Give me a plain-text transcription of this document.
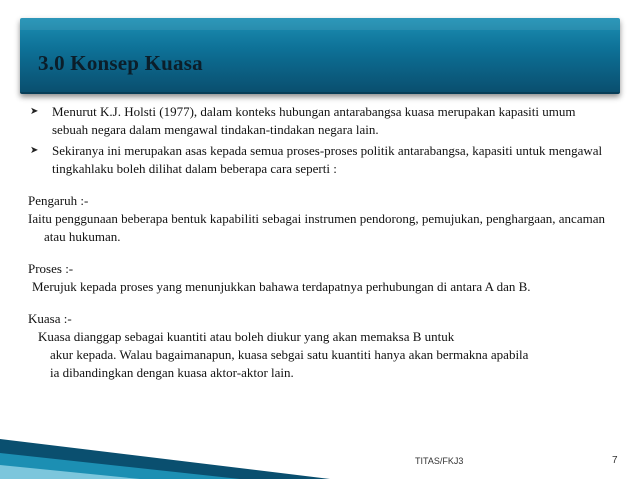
3.0 Konsep Kuasa
➤ Menurut K.J. Holsti (1977), dalam konteks hubungan antarabangsa kuasa merupakan kapasiti umum sebuah negara dalam mengawal tindakan-tindakan negara lain.
➤ Sekiranya ini merupakan asas kepada semua proses-proses politik antarabangsa, kapasiti untuk mengawal tingkahlaku boleh dilihat dalam beberapa cara seperti :
Pengaruh :-
Iaitu penggunaan beberapa bentuk kapabiliti sebagai instrumen pendorong, pemujukan, penghargaan, ancaman atau hukuman.
Proses :-
Merujuk kepada proses yang menunjukkan bahawa terdapatnya perhubungan di antara A dan B.
Kuasa :-
Kuasa dianggap sebagai kuantiti atau boleh diukur yang akan memaksa B untuk
akur kepada. Walau bagaimanapun, kuasa sebgai satu kuantiti hanya akan bermakna apabila
ia dibandingkan dengan kuasa aktor-aktor lain.
TITAS/FKJ3	7
